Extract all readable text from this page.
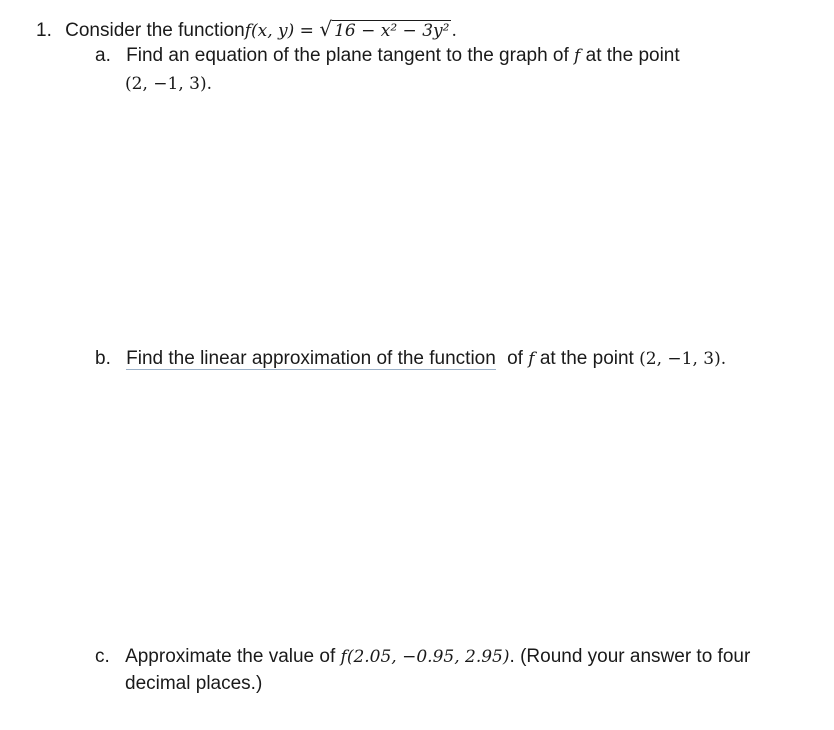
1. Consider the functionf(x, y) = √ 16 − x² − 3y² .
a. Find an equation of the plane tangent to the graph of f at the point
(2, −1, 3).
b. Find the linear approximation of the function of f at the point (2, −1, 3).
c. Approximate the value of f(2.05, −0.95, 2.95). (Round your answer to four
decimal places.)
